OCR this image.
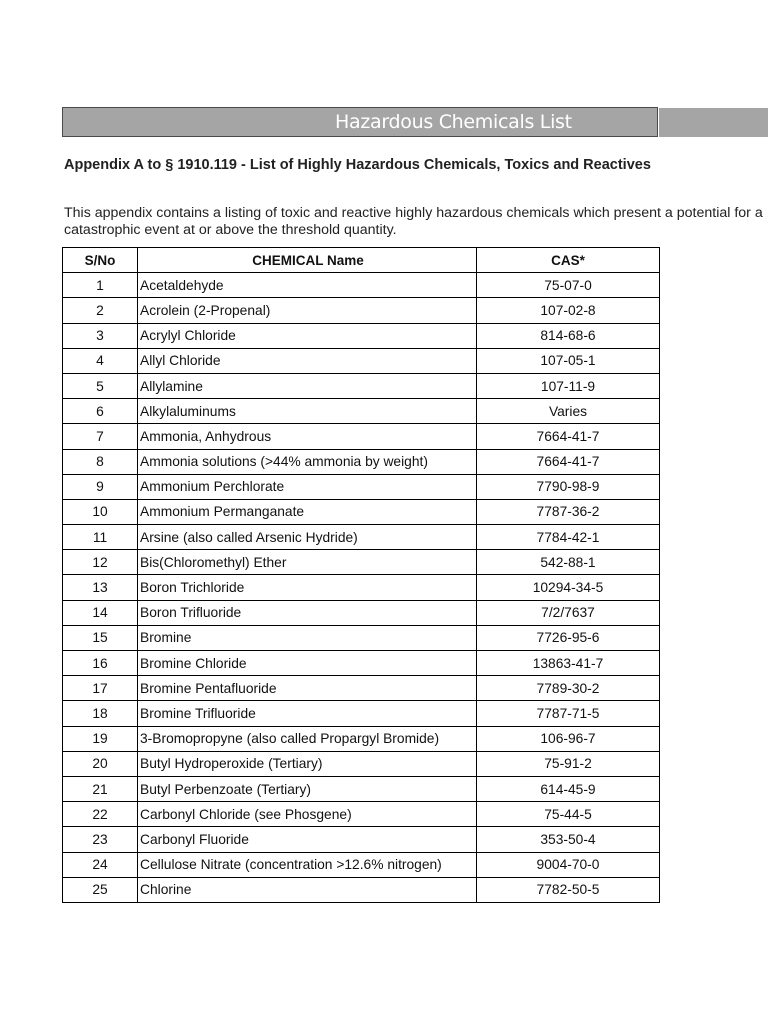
Hazardous Chemicals List
Appendix A to § 1910.119 - List of Highly Hazardous Chemicals, Toxics and Reactives
This appendix contains a listing of toxic and reactive highly hazardous chemicals which present a potential for a
catastrophic event at or above the threshold quantity.
S/No	CHEMICAL Name	CAS*
1	Acetaldehyde	75-07-0
2	Acrolein (2-Propenal)	107-02-8
3	Acrylyl Chloride	814-68-6
4	Allyl Chloride	107-05-1
5	Allylamine	107-11-9
6	Alkylaluminums	Varies
7	Ammonia, Anhydrous	7664-41-7
8	Ammonia solutions (>44% ammonia by weight)	7664-41-7
9	Ammonium Perchlorate	7790-98-9
10	Ammonium Permanganate	7787-36-2
11	Arsine (also called Arsenic Hydride)	7784-42-1
12	Bis(Chloromethyl) Ether	542-88-1
13	Boron Trichloride	10294-34-5
14	Boron Trifluoride	7/2/7637
15	Bromine	7726-95-6
16	Bromine Chloride	13863-41-7
17	Bromine Pentafluoride	7789-30-2
18	Bromine Trifluoride	7787-71-5
19	3-Bromopropyne (also called Propargyl Bromide)	106-96-7
20	Butyl Hydroperoxide (Tertiary)	75-91-2
21	Butyl Perbenzoate (Tertiary)	614-45-9
22	Carbonyl Chloride (see Phosgene)	75-44-5
23	Carbonyl Fluoride	353-50-4
24	Cellulose Nitrate (concentration >12.6% nitrogen)	9004-70-0
25	Chlorine	7782-50-5
